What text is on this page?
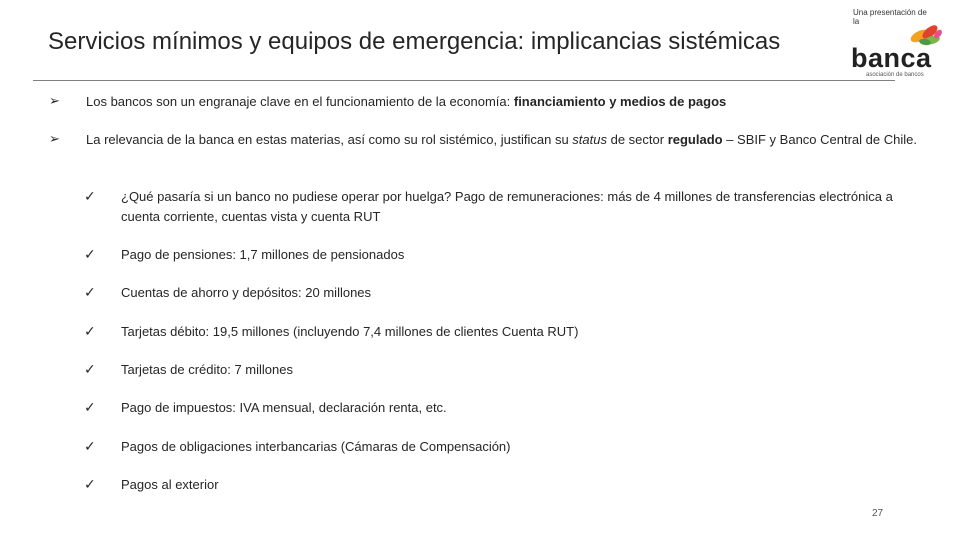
Servicios mínimos y equipos de emergencia: implicancias sistémicas
Una presentación de la
banca
asociación de bancos
➢ Los bancos son un engranaje clave en el funcionamiento de la economía: financiamiento y medios de pagos
➢ La relevancia de la banca en estas materias, así como su rol sistémico, justifican su status de sector regulado – SBIF y Banco Central de Chile.
✓ ¿Qué pasaría si un banco no pudiese operar por huelga? Pago de remuneraciones: más de 4 millones de transferencias electrónica a cuenta corriente, cuentas vista y cuenta RUT
✓ Pago de pensiones: 1,7 millones de pensionados
✓ Cuentas de ahorro y depósitos: 20 millones
✓ Tarjetas débito: 19,5 millones (incluyendo 7,4 millones de clientes Cuenta RUT)
✓ Tarjetas de crédito: 7 millones
✓ Pago de impuestos: IVA mensual, declaración renta, etc.
✓ Pagos de obligaciones interbancarias (Cámaras de Compensación)
✓ Pagos al exterior
27
